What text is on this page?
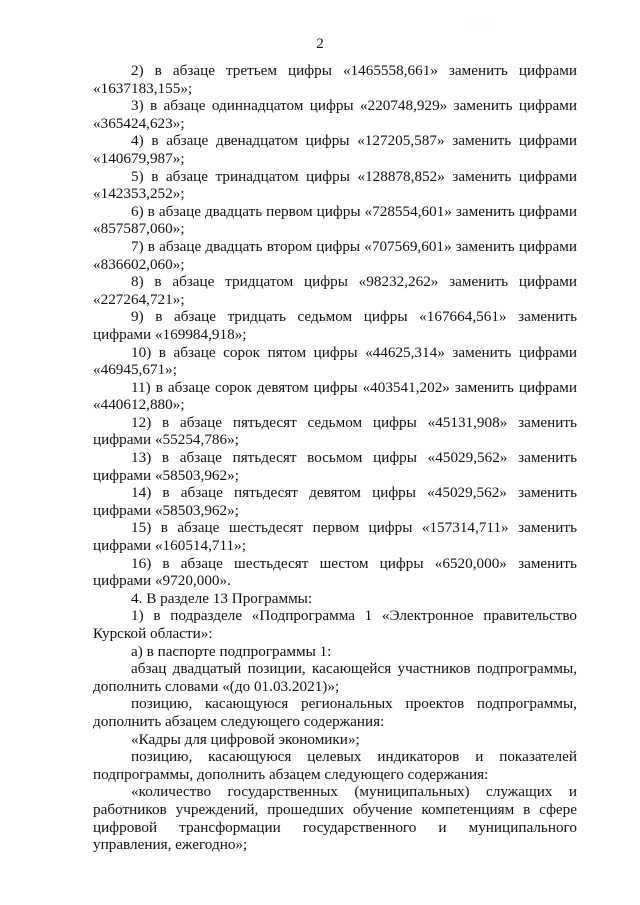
· · · ·
2

2) в абзаце третьем цифры «1465558,661» заменить цифрами «1637183,155»;

3) в абзаце одиннадцатом цифры «220748,929» заменить цифрами «365424,623»;

4) в абзаце двенадцатом цифры «127205,587» заменить цифрами «140679,987»;

5) в абзаце тринадцатом цифры «128878,852» заменить цифрами «142353,252»;

6) в абзаце двадцать первом цифры «728554,601» заменить цифрами «857587,060»;

7) в абзаце двадцать втором цифры «707569,601» заменить цифрами «836602,060»;

8) в абзаце тридцатом цифры «98232,262» заменить цифрами «227264,721»;

9) в абзаце тридцать седьмом цифры «167664,561» заменить цифрами «169984,918»;

10) в абзаце сорок пятом цифры «44625,314» заменить цифрами «46945,671»;

11) в абзаце сорок девятом цифры «403541,202» заменить цифрами «440612,880»;

12) в абзаце пятьдесят седьмом цифры «45131,908» заменить цифрами «55254,786»;

13) в абзаце пятьдесят восьмом цифры «45029,562» заменить цифрами «58503,962»;

14) в абзаце пятьдесят девятом цифры «45029,562» заменить цифрами «58503,962»;

15) в абзаце шестьдесят первом цифры «157314,711» заменить цифрами «160514,711»;

16) в абзаце шестьдесят шестом цифры «6520,000» заменить цифрами «9720,000».

4. В разделе 13 Программы:

1) в подразделе «Подпрограмма 1 «Электронное правительство Курской области»:

а) в паспорте подпрограммы 1:

абзац двадцатый позиции, касающейся участников подпрограммы, дополнить словами «(до 01.03.2021)»;

позицию, касающуюся региональных проектов подпрограммы, дополнить абзацем следующего содержания:

«Кадры для цифровой экономики»;

позицию, касающуюся целевых индикаторов и показателей подпрограммы, дополнить абзацем следующего содержания:

«количество государственных (муниципальных) служащих и работников учреждений, прошедших обучение компетенциям в сфере цифровой трансформации государственного и муниципального управления, ежегодно»;
